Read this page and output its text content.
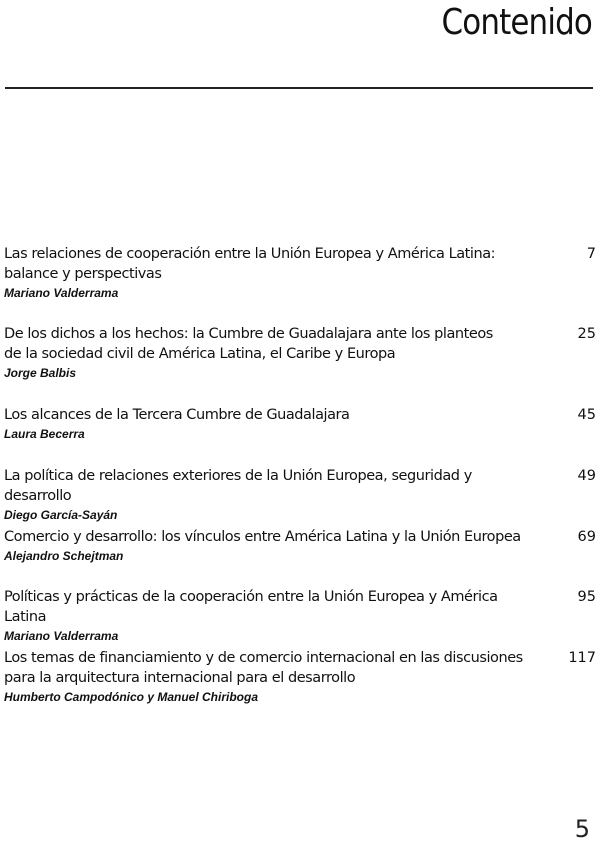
Contenido
Las relaciones de cooperación entre la Unión Europea y América Latina:
balance y perspectivas
Mariano Valderrama
7
De los dichos a los hechos: la Cumbre de Guadalajara ante los planteos
de la sociedad civil de América Latina, el Caribe y Europa
Jorge Balbis
25
Los alcances de la Tercera Cumbre de Guadalajara
Laura Becerra
45
La política de relaciones exteriores de la Unión Europea, seguridad y desarrollo
Diego García-Sayán
49
Comercio y desarrollo: los vínculos entre América Latina y la Unión Europea
Alejandro Schejtman
69
Políticas y prácticas de la cooperación entre la Unión Europea y América Latina
Mariano Valderrama
95
Los temas de financiamiento y de comercio internacional en las discusiones
para la arquitectura internacional para el desarrollo
Humberto Campodónico y Manuel Chiriboga
117
5
